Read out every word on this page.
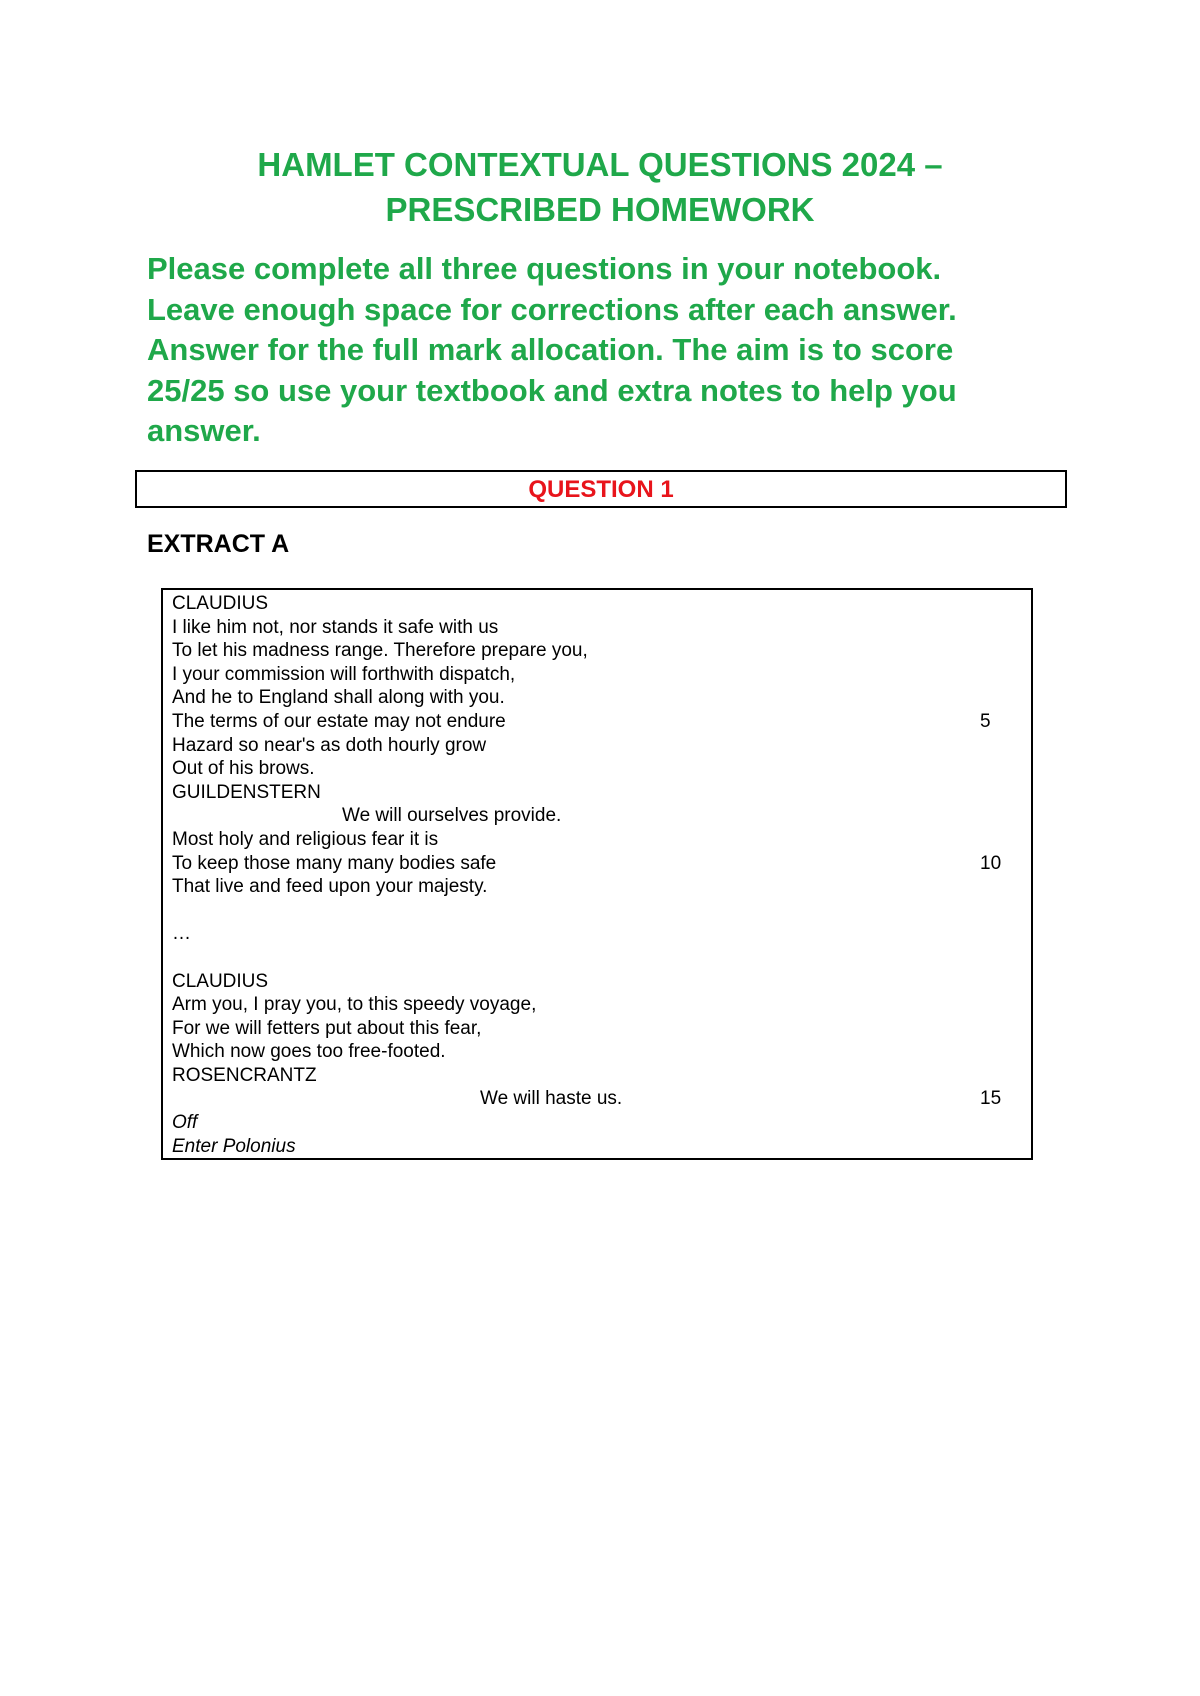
HAMLET CONTEXTUAL QUESTIONS 2024 –
PRESCRIBED HOMEWORK
Please complete all three questions in your notebook.
Leave enough space for corrections after each answer.
Answer for the full mark allocation. The aim is to score
25/25 so use your textbook and extra notes to help you
answer.
QUESTION 1
EXTRACT A
CLAUDIUS
I like him not, nor stands it safe with us
To let his madness range. Therefore prepare you,
I your commission will forthwith dispatch,
And he to England shall along with you.
The terms of our estate may not endure	5
Hazard so near's as doth hourly grow
Out of his brows.
GUILDENSTERN
We will ourselves provide.
Most holy and religious fear it is
To keep those many many bodies safe	10
That live and feed upon your majesty.
…
CLAUDIUS
Arm you, I pray you, to this speedy voyage,
For we will fetters put about this fear,
Which now goes too free-footed.
ROSENCRANTZ
We will haste us.	15
Off
Enter Polonius
